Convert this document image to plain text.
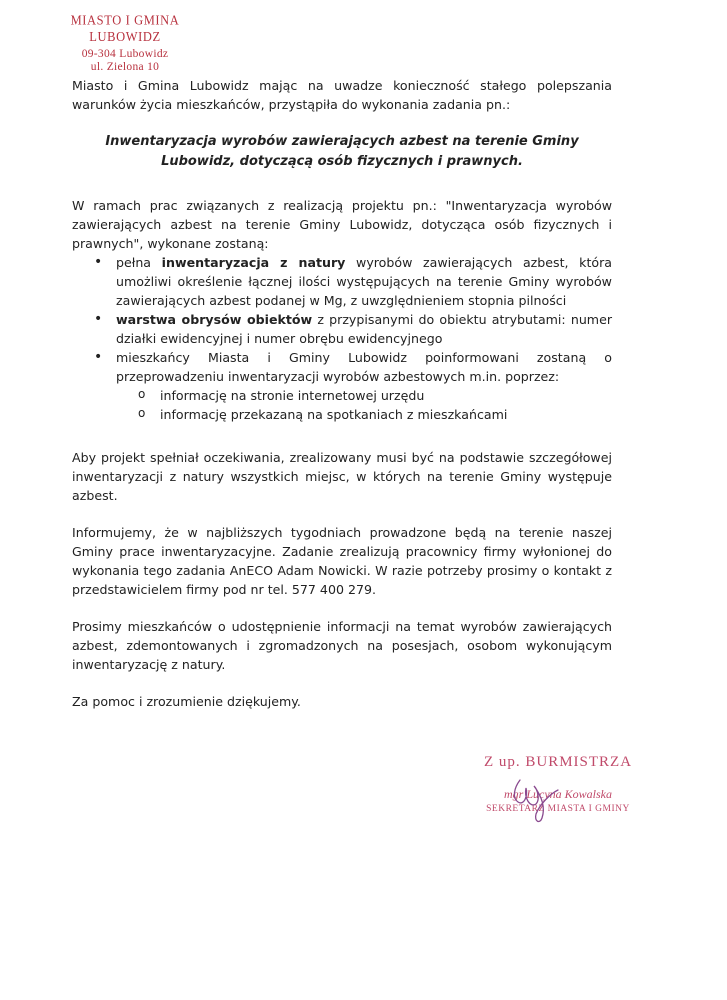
MIASTO I GMINA LUBOWIDZ
09-304 Lubowidz
ul. Zielona 10

Miasto i Gmina Lubowidz mając na uwadze konieczność stałego polepszania warunków życia mieszkańców, przystąpiła do wykonania zadania pn.:

Inwentaryzacja wyrobów zawierających azbest na terenie Gminy Lubowidz, dotyczącą osób fizycznych i prawnych.

W ramach prac związanych z realizacją projektu pn.: "Inwentaryzacja wyrobów zawierających azbest na terenie Gminy Lubowidz, dotycząca osób fizycznych i prawnych", wykonane zostaną:

• pełna inwentaryzacja z natury wyrobów zawierających azbest, która umożliwi określenie łącznej ilości występujących na terenie Gminy wyrobów zawierających azbest podanej w Mg, z uwzględnieniem stopnia pilności
• warstwa obrysów obiektów z przypisanymi do obiektu atrybutami: numer działki ewidencyjnej i numer obrębu ewidencyjnego
• mieszkańcy Miasta i Gminy Lubowidz poinformowani zostaną o przeprowadzeniu inwentaryzacji wyrobów azbestowych m.in. poprzez:
o informację na stronie internetowej urzędu
o informację przekazaną na spotkaniach z mieszkańcami

Aby projekt spełniał oczekiwania, zrealizowany musi być na podstawie szczegółowej inwentaryzacji z natury wszystkich miejsc, w których na terenie Gminy występuje azbest.

Informujemy, że w najbliższych tygodniach prowadzone będą na terenie naszej Gminy prace inwentaryzacyjne. Zadanie zrealizują pracownicy firmy wyłonionej do wykonania tego zadania AnECO Adam Nowicki. W razie potrzeby prosimy o kontakt z przedstawicielem firmy pod nr tel. 577 400 279.

Prosimy mieszkańców o udostępnienie informacji na temat wyrobów zawierających azbest, zdemontowanych i zgromadzonych na posesjach, osobom wykonującym inwentaryzację z natury.

Za pomoc i zrozumienie dziękujemy.

Z up. BURMISTRZA
mgr Lucyna Kowalska
SEKRETARZ MIASTA I GMINY
